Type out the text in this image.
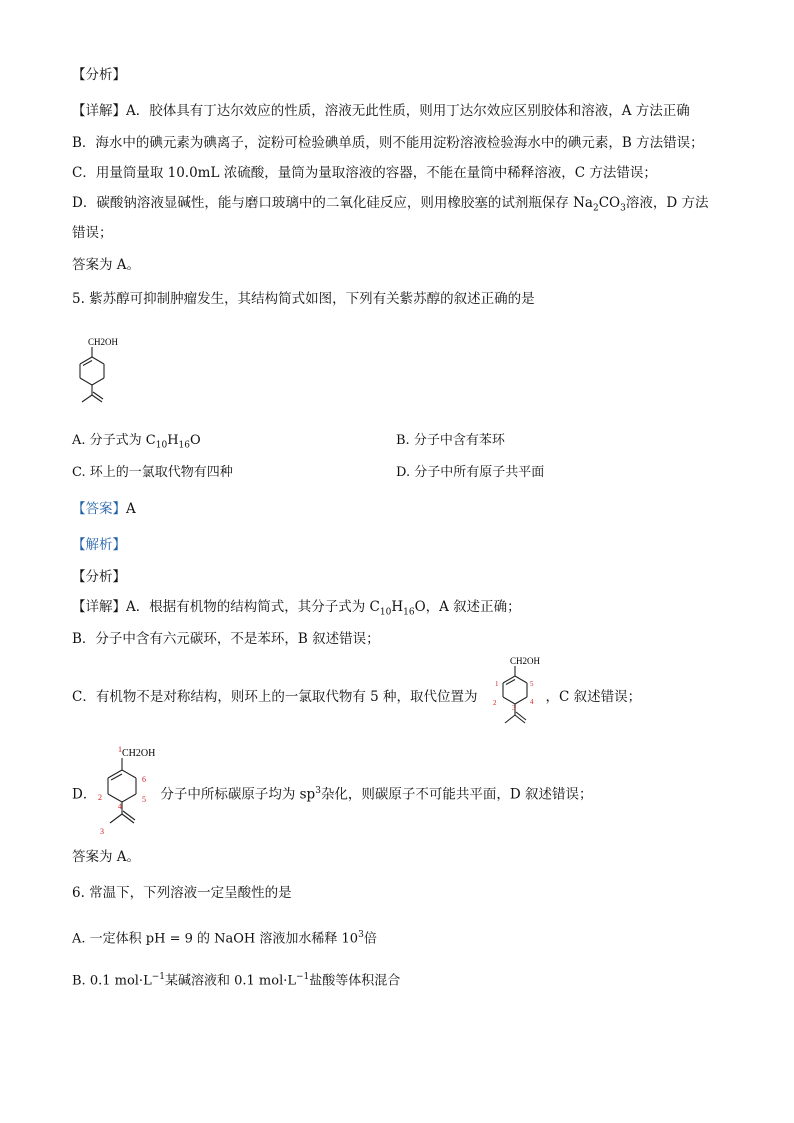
【分析】
【详解】A．胶体具有丁达尔效应的性质，溶液无此性质，则用丁达尔效应区别胶体和溶液，A 方法正确
B．海水中的碘元素为碘离子，淀粉可检验碘单质，则不能用淀粉溶液检验海水中的碘元素，B 方法错误；
C．用量筒量取 10.0mL 浓硫酸，量筒为量取溶液的容器，不能在量筒中稀释溶液，C 方法错误；
D．碳酸钠溶液显碱性，能与磨口玻璃中的二氧化硅反应，则用橡胶塞的试剂瓶保存 $Na_2CO_3$溶液，D 方法
错误；
答案为 A。
5. 紫苏醇可抑制肿瘤发生，其结构简式如图，下列有关紫苏醇的叙述正确的是
CH2OH
A. 分子式为 $C_{10}H_{16}O$	B. 分子中含有苯环
C. 环上的一氯取代物有四种	D. 分子中所有原子共平面
【答案】A
【解析】
【分析】
【详解】A．根据有机物的结构简式，其分子式为 $C_{10}H_{16}O$，A 叙述正确；
B．分子中含有六元碳环，不是苯环，B 叙述错误；
C．有机物不是对称结构，则环上的一氯取代物有 5 种，取代位置为	，C 叙述错误；
CH2OH
1
2
3
4
5
CH2OH
1
2
3
4
5
6
D．	分子中所标碳原子均为 $sp^3$杂化，则碳原子不可能共平面，D 叙述错误；
答案为 A。
6. 常温下，下列溶液一定呈酸性的是
A. 一定体积 pH = 9 的 NaOH 溶液加水稀释 $10^3$倍
B. 0.1 $mol\cdot L^{-1}$某碱溶液和 0.1 $mol\cdot L^{-1}$盐酸等体积混合
